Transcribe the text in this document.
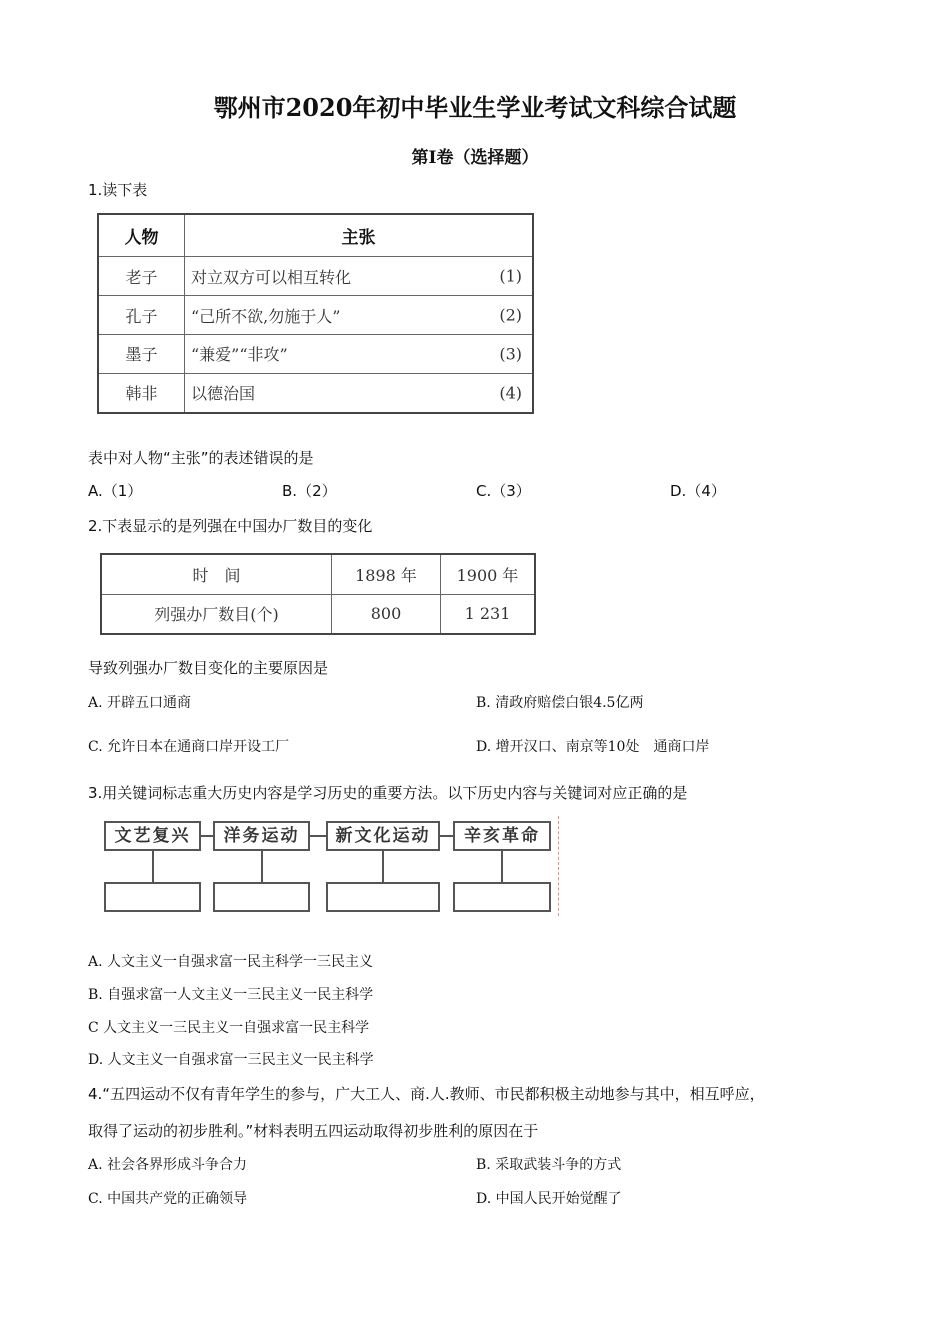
鄂州市2020年初中毕业生学业考试文科综合试题
第Ⅰ卷（选择题）
1.读下表
人物	主张
老子	对立双方可以相互转化 (1)

孔子	“己所不欲,勿施于人” (2)

墨子	“兼爱”“非攻” (3)

韩非	以德治国 (4)
表中对人物“主张”的表述错误的是
A.（1）	B.（2）	C.（3）	D.（4）
2.下表显示的是列强在中国办厂数目的变化
时　间	1898 年	1900 年
列强办厂数目(个)	800	1 231
导致列强办厂数目变化的主要原因是
A. 开辟五口通商	B. 清政府赔偿白银4.5亿两
C. 允许日本在通商口岸开设工厂	D. 增开汉口、南京等10处　通商口岸
3.用关键词标志重大历史内容是学习历史的重要方法。以下历史内容与关键词对应正确的是
文艺复兴	洋务运动	新文化运动	辛亥革命
A. 人文主义一自强求富一民主科学一三民主义
B. 自强求富一人文主义一三民主义一民主科学
C 人文主义一三民主义一自强求富一民主科学
D. 人文主义一自强求富一三民主义一民主科学
4.“五四运动不仅有青年学生的参与，广大工人、商.人.教师、市民都积极主动地参与其中，相互呼应，
取得了运动的初步胜利。”材料表明五四运动取得初步胜利的原因在于
A. 社会各界形成斗争合力	B. 采取武装斗争的方式
C. 中国共产党的正确领导	D. 中国人民开始觉醒了
